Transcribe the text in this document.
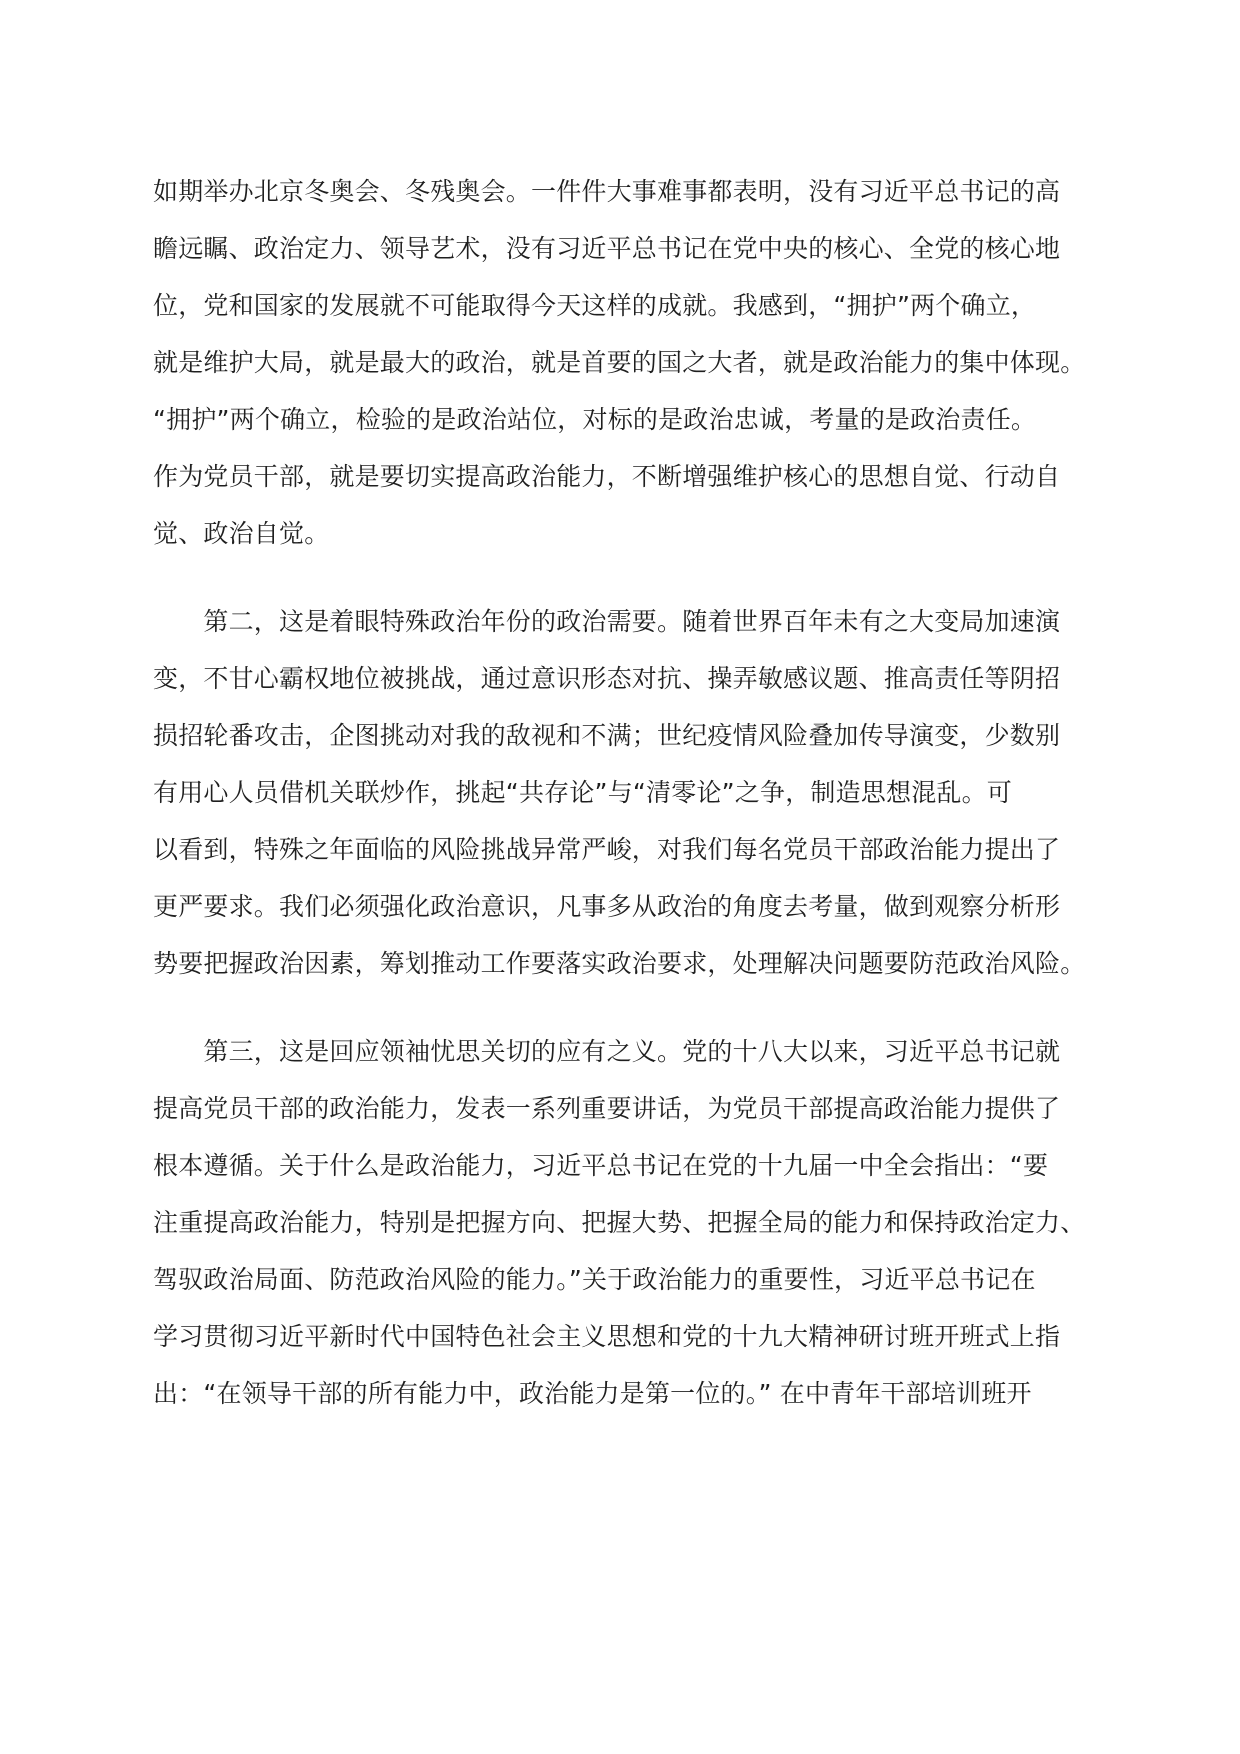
如期举办北京冬奥会、冬残奥会。一件件大事难事都表明，没有习近平总书记的高
瞻远瞩、政治定力、领导艺术，没有习近平总书记在党中央的核心、全党的核心地
位，党和国家的发展就不可能取得今天这样的成就。我感到，“拥护”两个确立，
就是维护大局，就是最大的政治，就是首要的国之大者，就是政治能力的集中体现。
“拥护”两个确立，检验的是政治站位，对标的是政治忠诚，考量的是政治责任。
作为党员干部，就是要切实提高政治能力，不断增强维护核心的思想自觉、行动自
觉、政治自觉。
　　第二，这是着眼特殊政治年份的政治需要。随着世界百年未有之大变局加速演
变，不甘心霸权地位被挑战，通过意识形态对抗、操弄敏感议题、推高责任等阴招
损招轮番攻击，企图挑动对我的敌视和不满；世纪疫情风险叠加传导演变，少数别
有用心人员借机关联炒作，挑起“共存论”与“清零论”之争，制造思想混乱。可
以看到，特殊之年面临的风险挑战异常严峻，对我们每名党员干部政治能力提出了
更严要求。我们必须强化政治意识，凡事多从政治的角度去考量，做到观察分析形
势要把握政治因素，筹划推动工作要落实政治要求，处理解决问题要防范政治风险。
　　第三，这是回应领袖忧思关切的应有之义。党的十八大以来，习近平总书记就
提高党员干部的政治能力，发表一系列重要讲话，为党员干部提高政治能力提供了
根本遵循。关于什么是政治能力，习近平总书记在党的十九届一中全会指出：“要
注重提高政治能力，特别是把握方向、把握大势、把握全局的能力和保持政治定力、
驾驭政治局面、防范政治风险的能力。”关于政治能力的重要性，习近平总书记在
学习贯彻习近平新时代中国特色社会主义思想和党的十九大精神研讨班开班式上指
出：“在领导干部的所有能力中，政治能力是第一位的。” 在中青年干部培训班开
